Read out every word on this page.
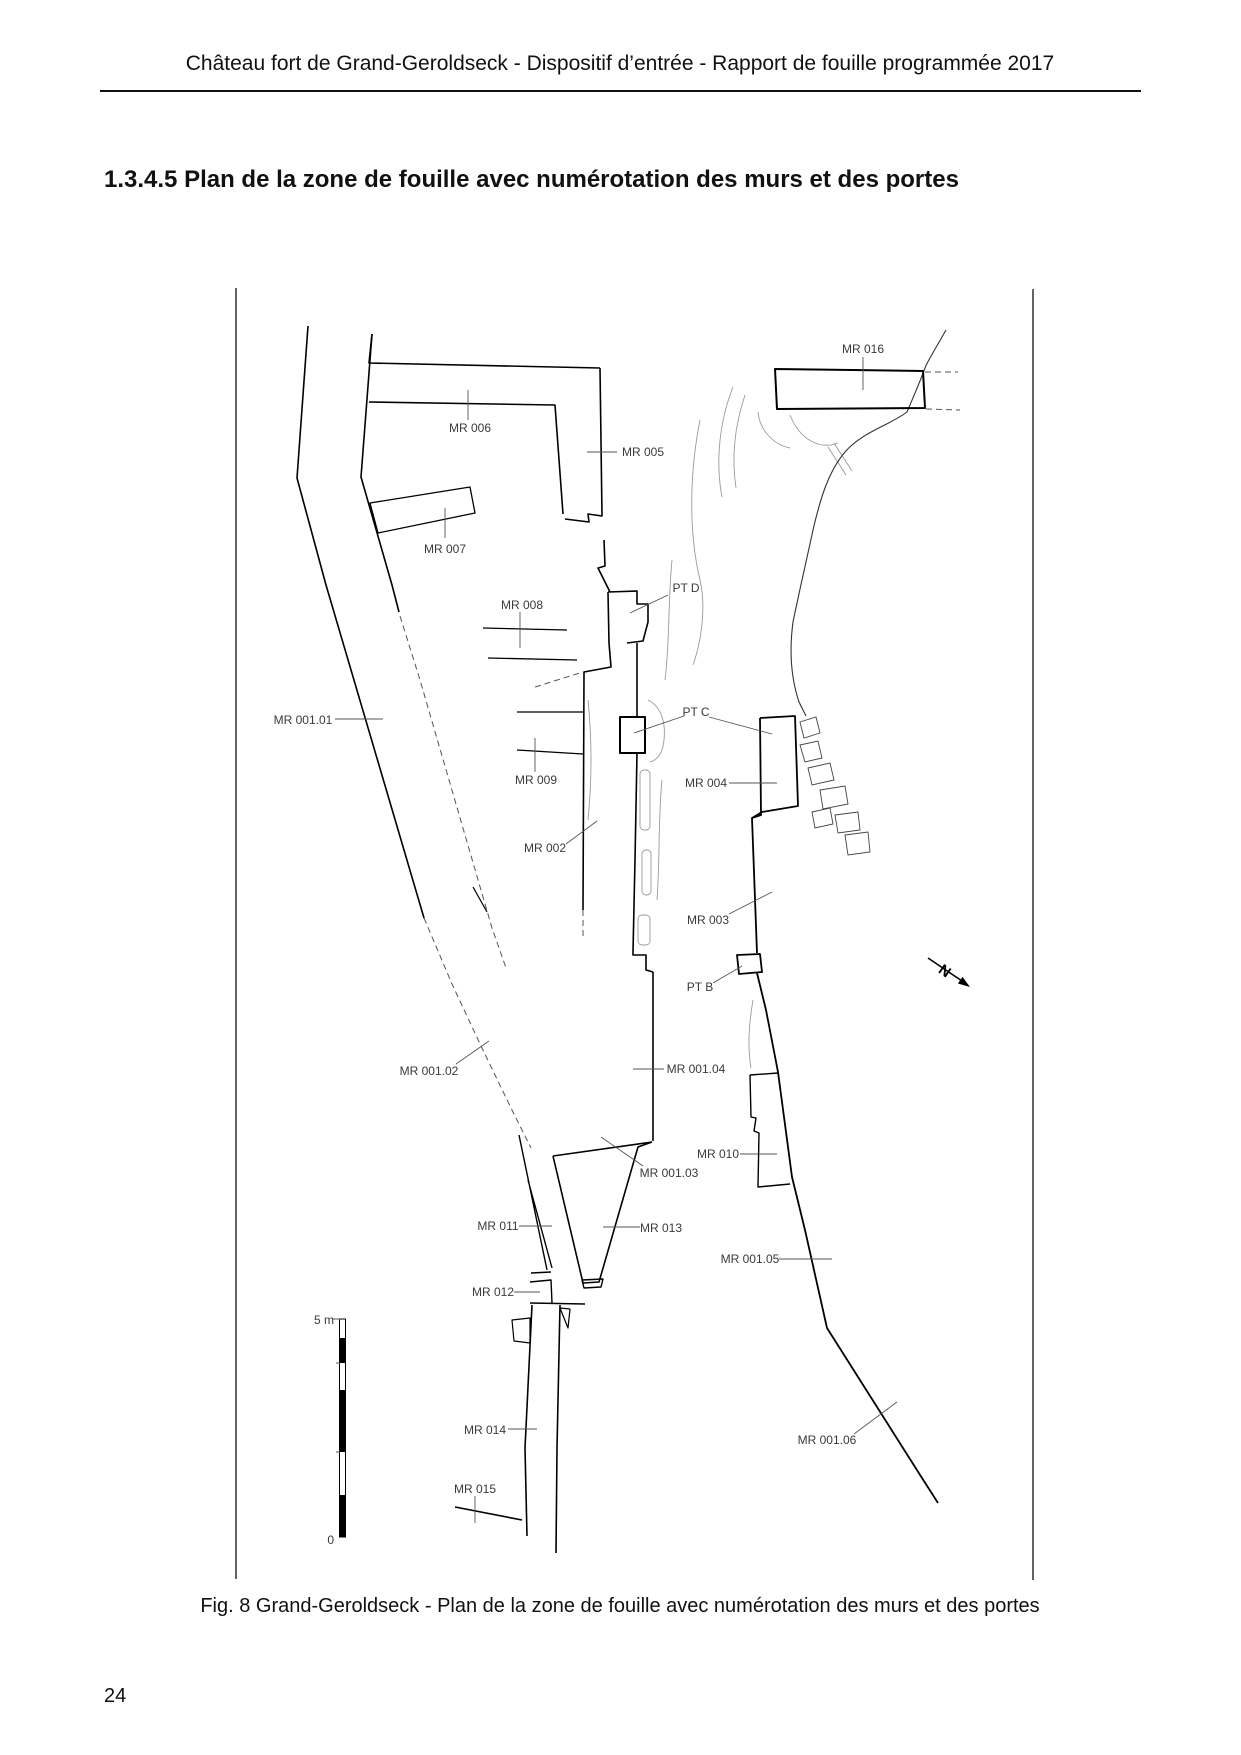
Château fort de Grand-Geroldseck - Dispositif d’entrée - Rapport de fouille programmée 2017
1.3.4.5 Plan de la zone de fouille avec numérotation des murs et des portes
MR 016
MR 006
MR 005
MR 007
MR 008
PT D
MR 001.01
PT C
MR 009	MR 004
MR 002
MR 003
PT B
MR 001.04
MR 001.02
MR 010
MR 001.03
MR 011	MR 013
MR 001.05
MR 012
MR 014
MR 015
MR 001.06
5 m
0
N
Fig. 8 Grand-Geroldseck - Plan de la zone de fouille avec numérotation des murs et des portes
24
